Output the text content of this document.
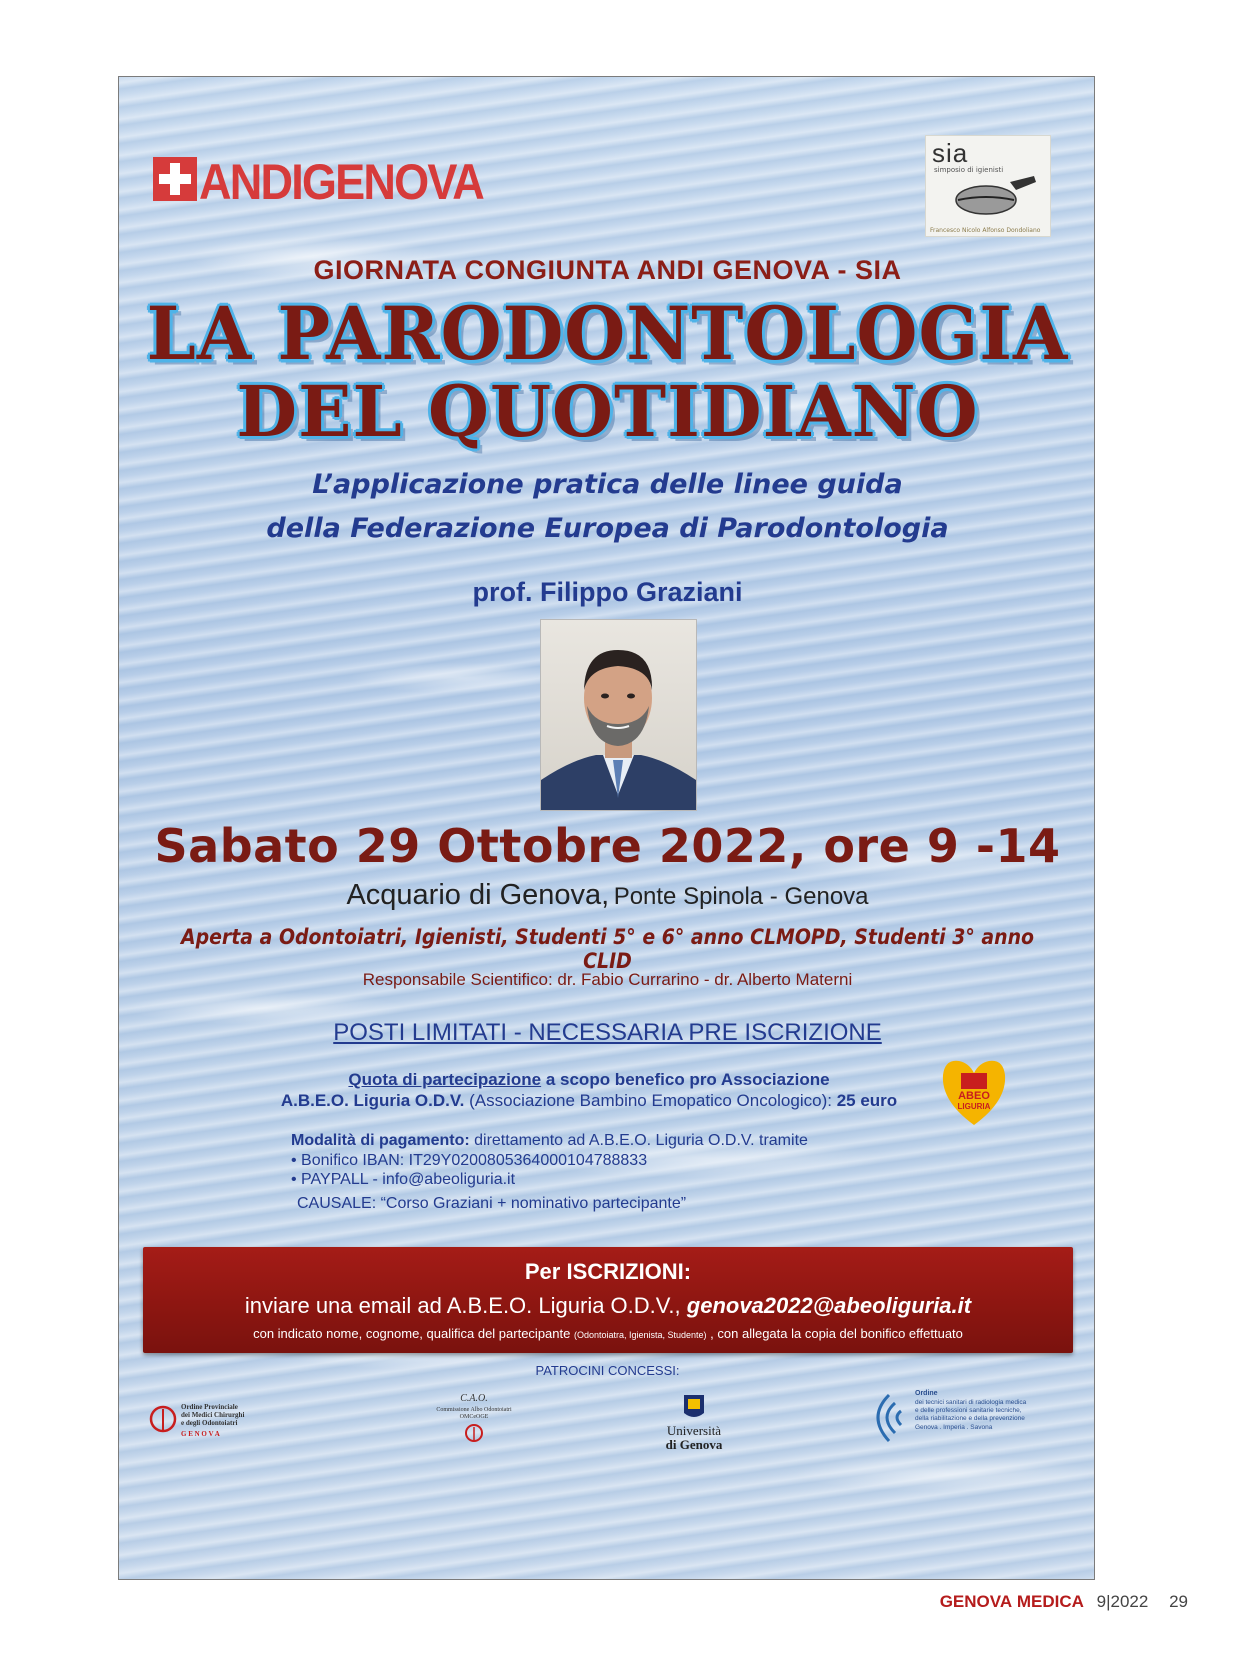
ANDIGENOVA
sia
simposio di igienisti
Francesco Nicolo Alfonso Dondoliano
GIORNATA CONGIUNTA ANDI GENOVA - SIA
LA PARODONTOLOGIA
DEL QUOTIDIANO
L’applicazione pratica delle linee guida
della Federazione Europea di Parodontologia
prof. Filippo Graziani
Sabato 29 Ottobre 2022, ore 9 -14
Acquario di Genova, Ponte Spinola - Genova
Aperta a Odontoiatri, Igienisti, Studenti 5° e 6° anno CLMOPD, Studenti 3° anno CLID
Responsabile Scientifico: dr. Fabio Currarino - dr. Alberto Materni
POSTI LIMITATI - NECESSARIA PRE ISCRIZIONE
Quota di partecipazione a scopo benefico pro Associazione
A.B.E.O. Liguria O.D.V. (Associazione Bambino Emopatico Oncologico): 25 euro	ABEO
LIGURIA
Modalità di pagamento: direttamento ad A.B.E.O. Liguria O.D.V. tramite
• Bonifico IBAN: IT29Y0200805364000104788833
• PAYPALL - info@abeoliguria.it
CAUSALE: “Corso Graziani + nominativo partecipante”
Per ISCRIZIONI:
inviare una email ad A.B.E.O. Liguria O.D.V., genova2022@abeoliguria.it
con indicato nome, cognome, qualifica del partecipante (Odontoiatra, Igienista, Studente) , con allegata la copia del bonifico effettuato
PATROCINI CONCESSI:
Ordine Provinciale
dei Medici Chirurghi
e degli Odontoiatri
G E N O V A
C.A.O.
Commissione Albo Odontoiatri
OMCeOGE
Università
di Genova
Ordine
dei tecnici sanitari di radiologia medica
e delle professioni sanitarie tecniche,
della riabilitazione e della prevenzione
Genova . Imperia . Savona
GENOVA MEDICA 9|2022 29
